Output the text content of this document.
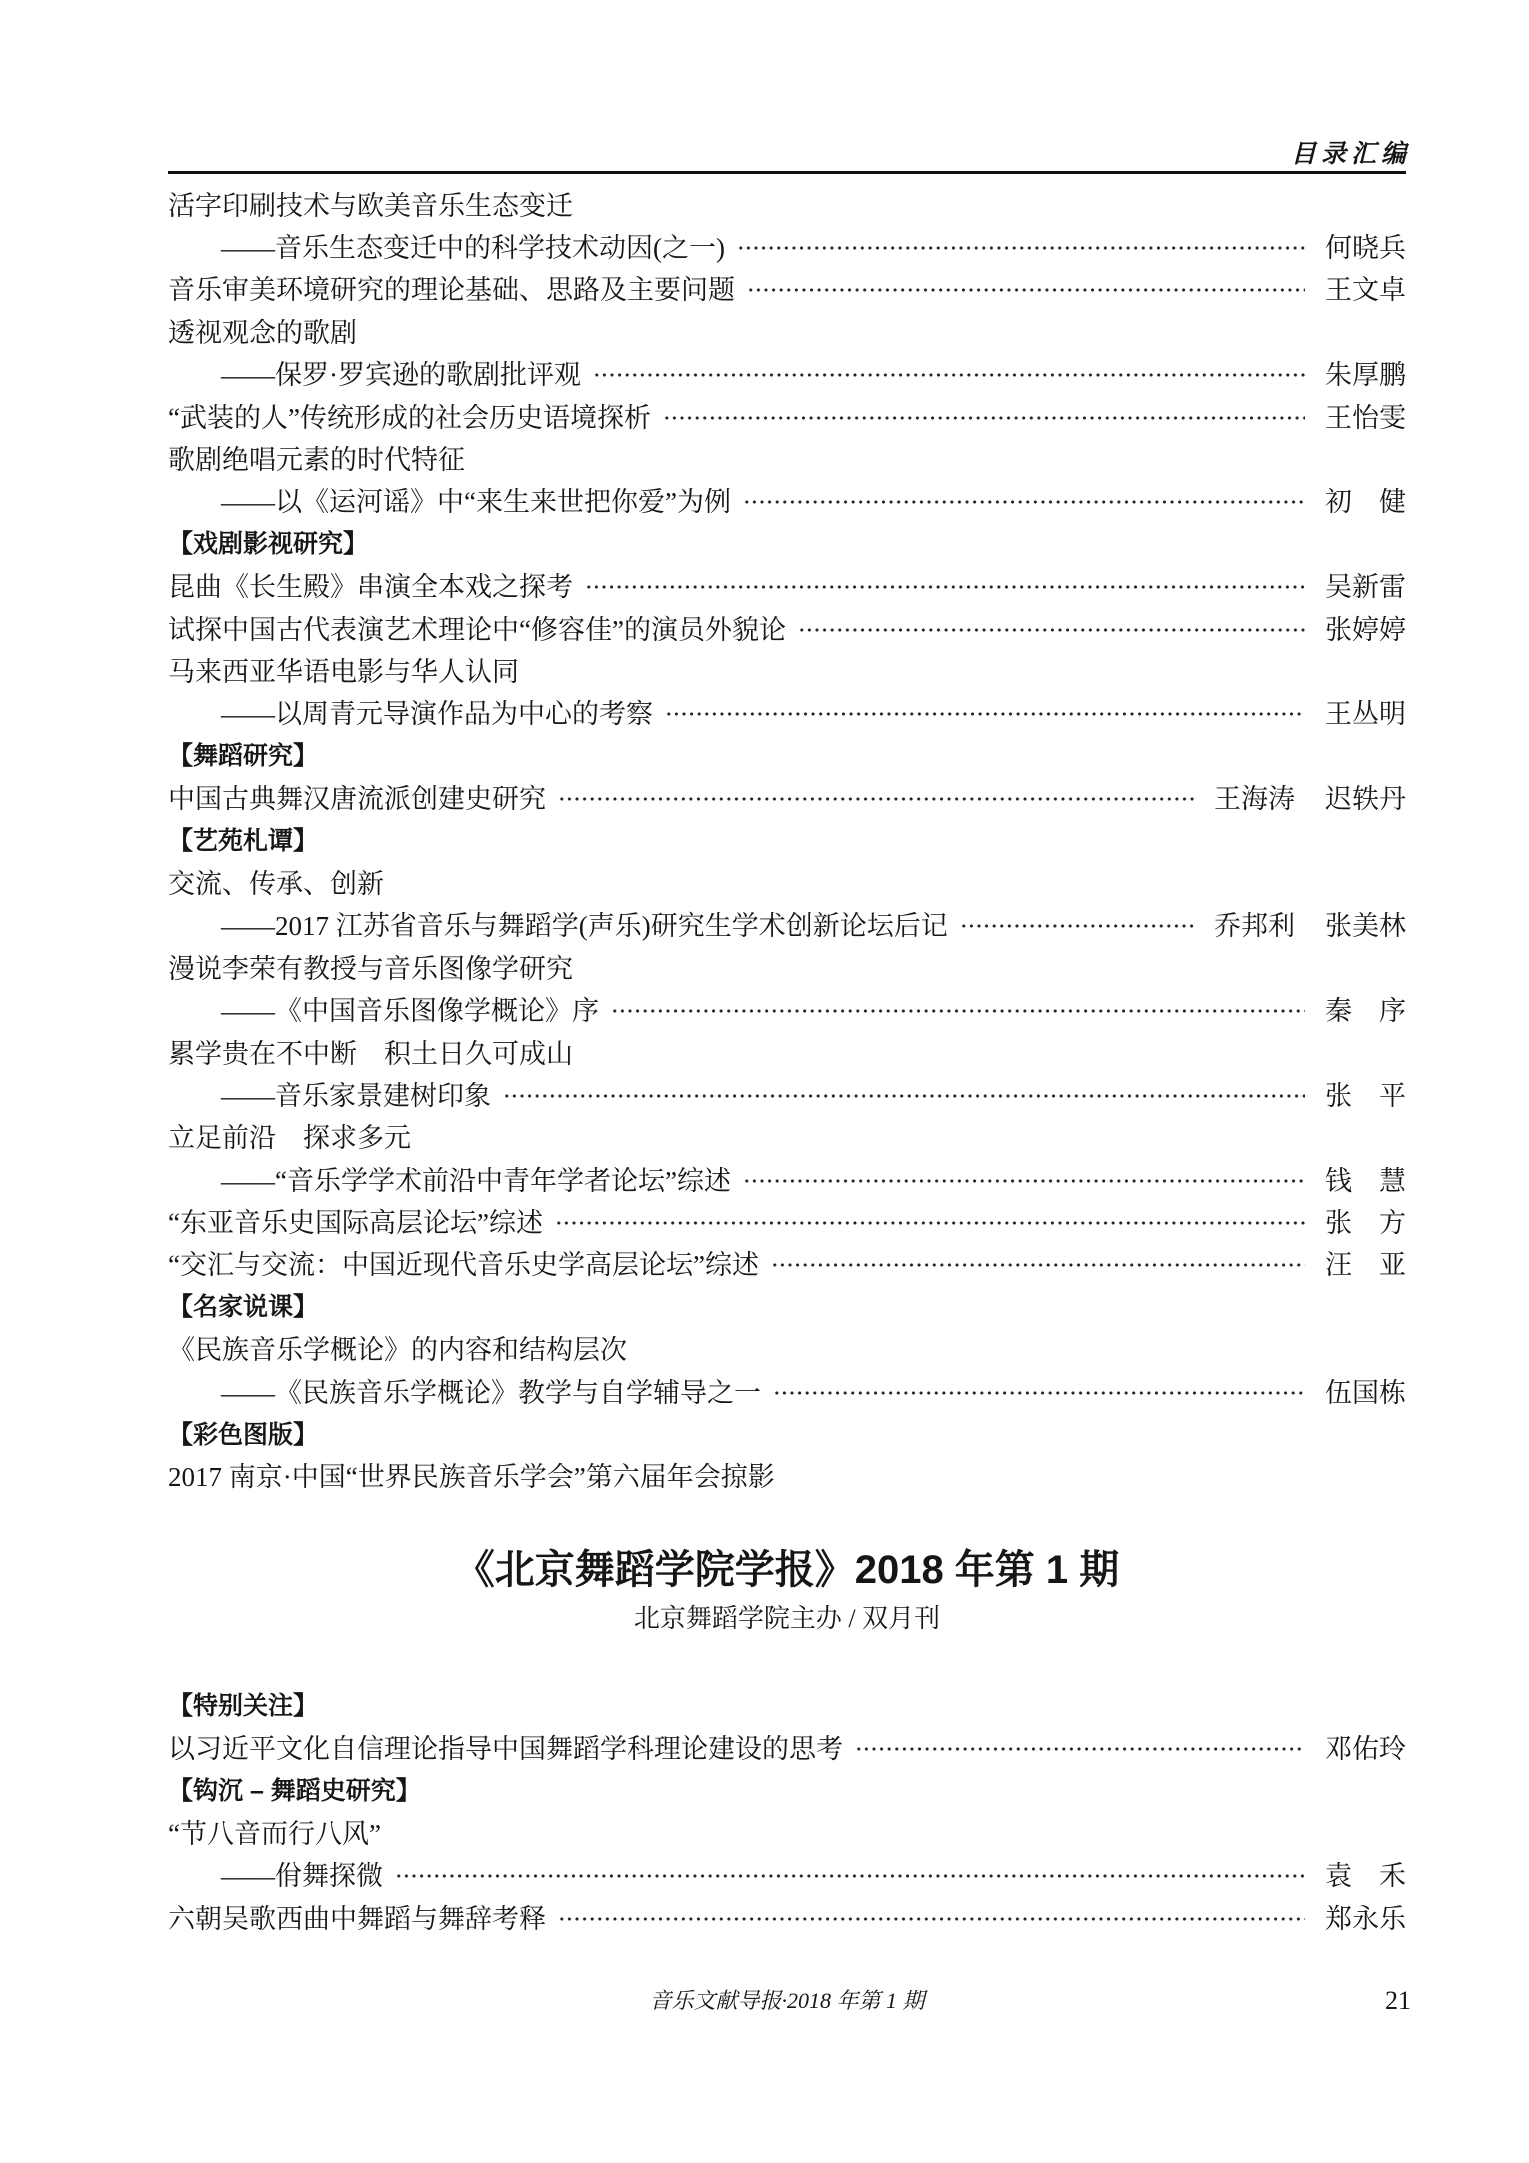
目录汇编
活字印刷技术与欧美音乐生态变迁
——音乐生态变迁中的科学技术动因(之一)	何晓兵
音乐审美环境研究的理论基础、思路及主要问题	王文卓
透视观念的歌剧
——保罗·罗宾逊的歌剧批评观	朱厚鹏
“武装的人”传统形成的社会历史语境探析	王怡雯
歌剧绝唱元素的时代特征
——以《运河谣》中“来生来世把你爱”为例	初　健
【戏剧影视研究】
昆曲《长生殿》串演全本戏之探考	吴新雷
试探中国古代表演艺术理论中“修容佳”的演员外貌论	张婷婷
马来西亚华语电影与华人认同
——以周青元导演作品为中心的考察	王丛明
【舞蹈研究】
中国古典舞汉唐流派创建史研究	王海涛 迟轶丹
【艺苑札谭】
交流、传承、创新
——2017 江苏省音乐与舞蹈学(声乐)研究生学术创新论坛后记	乔邦利 张美林
漫说李荣有教授与音乐图像学研究
——《中国音乐图像学概论》序	秦　序
累学贵在不中断　积土日久可成山
——音乐家景建树印象	张　平
立足前沿　探求多元
——“音乐学学术前沿中青年学者论坛”综述	钱　慧
“东亚音乐史国际高层论坛”综述	张　方
“交汇与交流：中国近现代音乐史学高层论坛”综述	汪　亚
【名家说课】
《民族音乐学概论》的内容和结构层次
——《民族音乐学概论》教学与自学辅导之一	伍国栋
【彩色图版】
2017 南京·中国“世界民族音乐学会”第六届年会掠影
《北京舞蹈学院学报》2018 年第 1 期
北京舞蹈学院主办 / 双月刊
【特别关注】
以习近平文化自信理论指导中国舞蹈学科理论建设的思考	邓佑玲
【钩沉 – 舞蹈史研究】
“节八音而行八风”
——佾舞探微	袁　禾
六朝吴歌西曲中舞蹈与舞辞考释	郑永乐
音乐文献导报·2018 年第 1 期	21
